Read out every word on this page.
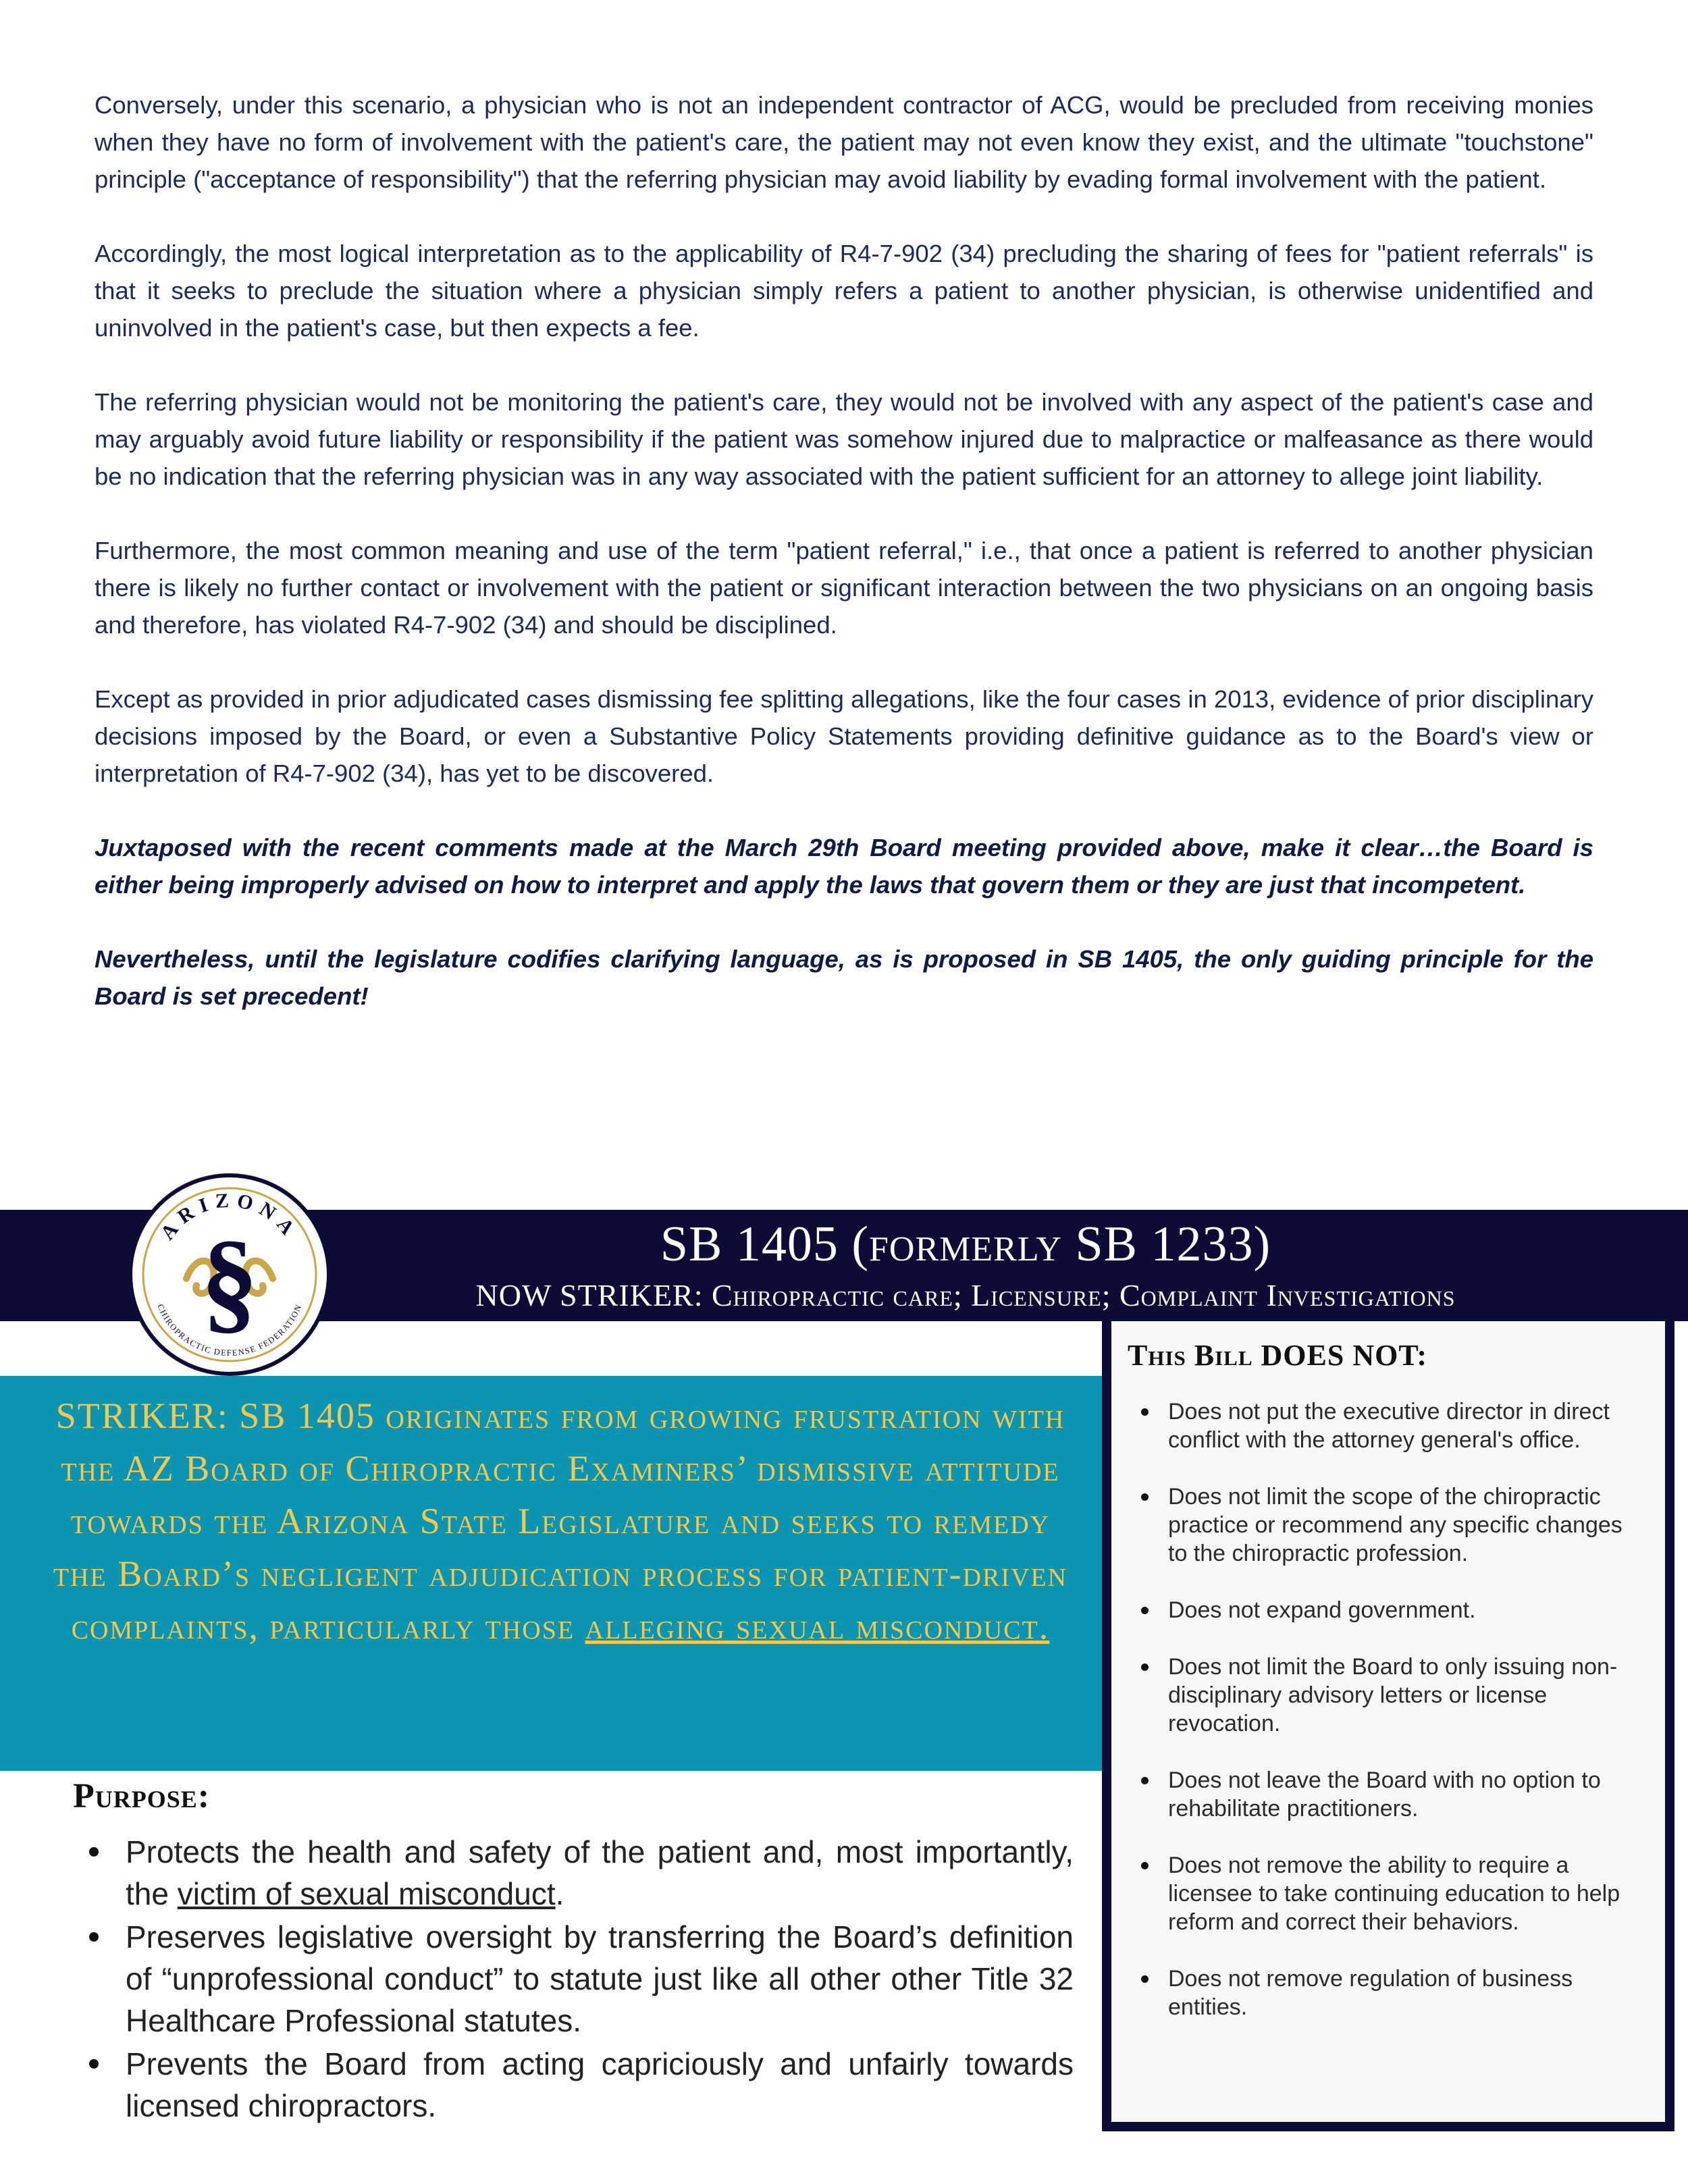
Conversely, under this scenario, a physician who is not an independent contractor of ACG, would be precluded from receiving monies when they have no form of involvement with the patient's care, the patient may not even know they exist, and the ultimate "touchstone" principle ("acceptance of responsibility") that the referring physician may avoid liability by evading formal involvement with the patient.

Accordingly, the most logical interpretation as to the applicability of R4-7-902 (34) precluding the sharing of fees for "patient referrals" is that it seeks to preclude the situation where a physician simply refers a patient to another physician, is otherwise unidentified and uninvolved in the patient's case, but then expects a fee.

The referring physician would not be monitoring the patient's care, they would not be involved with any aspect of the patient's case and may arguably avoid future liability or responsibility if the patient was somehow injured due to malpractice or malfeasance as there would be no indication that the referring physician was in any way associated with the patient sufficient for an attorney to allege joint liability.

Furthermore, the most common meaning and use of the term "patient referral," i.e., that once a patient is referred to another physician there is likely no further contact or involvement with the patient or significant interaction between the two physicians on an ongoing basis and therefore, has violated R4-7-902 (34) and should be disciplined.

Except as provided in prior adjudicated cases dismissing fee splitting allegations, like the four cases in 2013, evidence of prior disciplinary decisions imposed by the Board, or even a Substantive Policy Statements providing definitive guidance as to the Board's view or interpretation of R4-7-902 (34), has yet to be discovered.

Juxtaposed with the recent comments made at the March 29th Board meeting provided above, make it clear…the Board is either being improperly advised on how to interpret and apply the laws that govern them or they are just that incompetent.

Nevertheless, until the legislature codifies clarifying language, as is proposed in SB 1405, the only guiding principle for the Board is set precedent!

SB 1405 (formerly SB 1233)
NOW STRIKER: Chiropractic care; Licensure; Complaint Investigations
ARIZONA
CHIROPRACTIC DEFENSE FEDERATION
§
STRIKER: SB 1405 originates from growing frustration with the AZ Board of Chiropractic Examiners’ dismissive attitude towards the Arizona State Legislature and seeks to remedy the Board’s negligent adjudication process for patient-driven complaints, particularly those alleging sexual misconduct.
Purpose:
Protects the health and safety of the patient and, most importantly, the victim of sexual misconduct.
Preserves legislative oversight by transferring the Board’s definition of “unprofessional conduct” to statute just like all other other Title 32 Healthcare Professional statutes.
Prevents the Board from acting capriciously and unfairly towards licensed chiropractors.
This Bill DOES NOT:
Does not put the executive director in direct conflict with the attorney general's office.
Does not limit the scope of the chiropractic practice or recommend any specific changes to the chiropractic profession.
Does not expand government.
Does not limit the Board to only issuing non-disciplinary advisory letters or license revocation.
Does not leave the Board with no option to rehabilitate practitioners.
Does not remove the ability to require a licensee to take continuing education to help reform and correct their behaviors.
Does not remove regulation of business entities.
